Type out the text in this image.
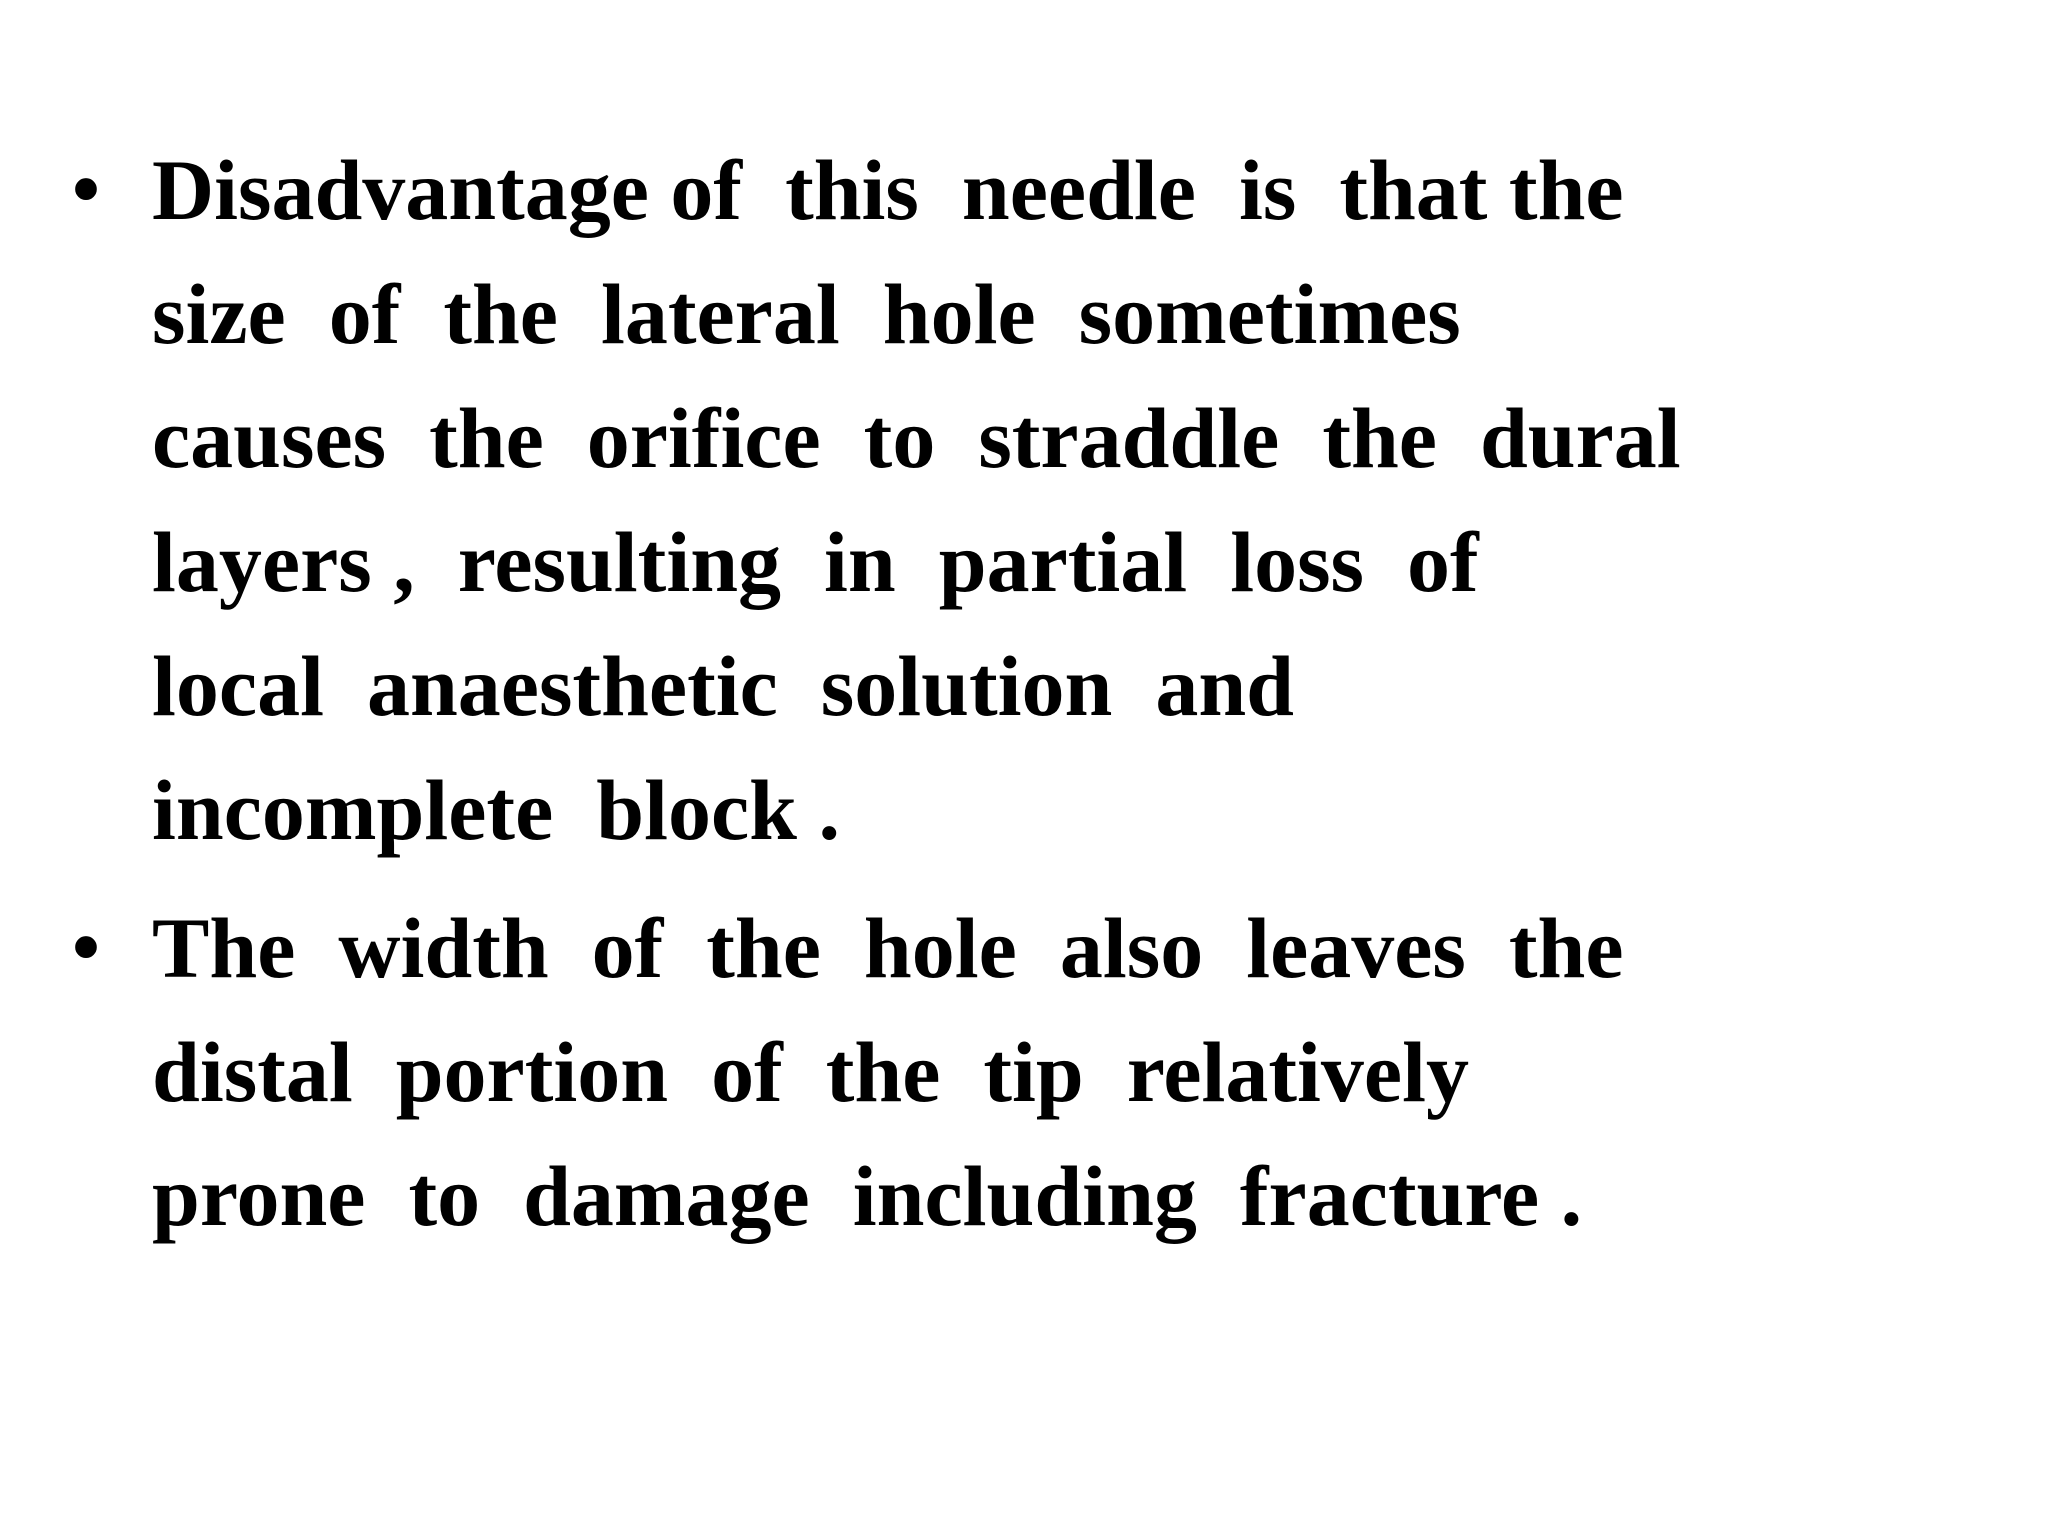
• Disadvantage of  this  needle  is  that the
size  of  the  lateral  hole  sometimes
causes  the  orifice  to  straddle  the  dural
layers ,  resulting  in  partial  loss  of
local  anaesthetic  solution  and
incomplete  block .
• The  width  of  the  hole  also  leaves  the
distal  portion  of  the  tip  relatively
prone  to  damage  including  fracture .
